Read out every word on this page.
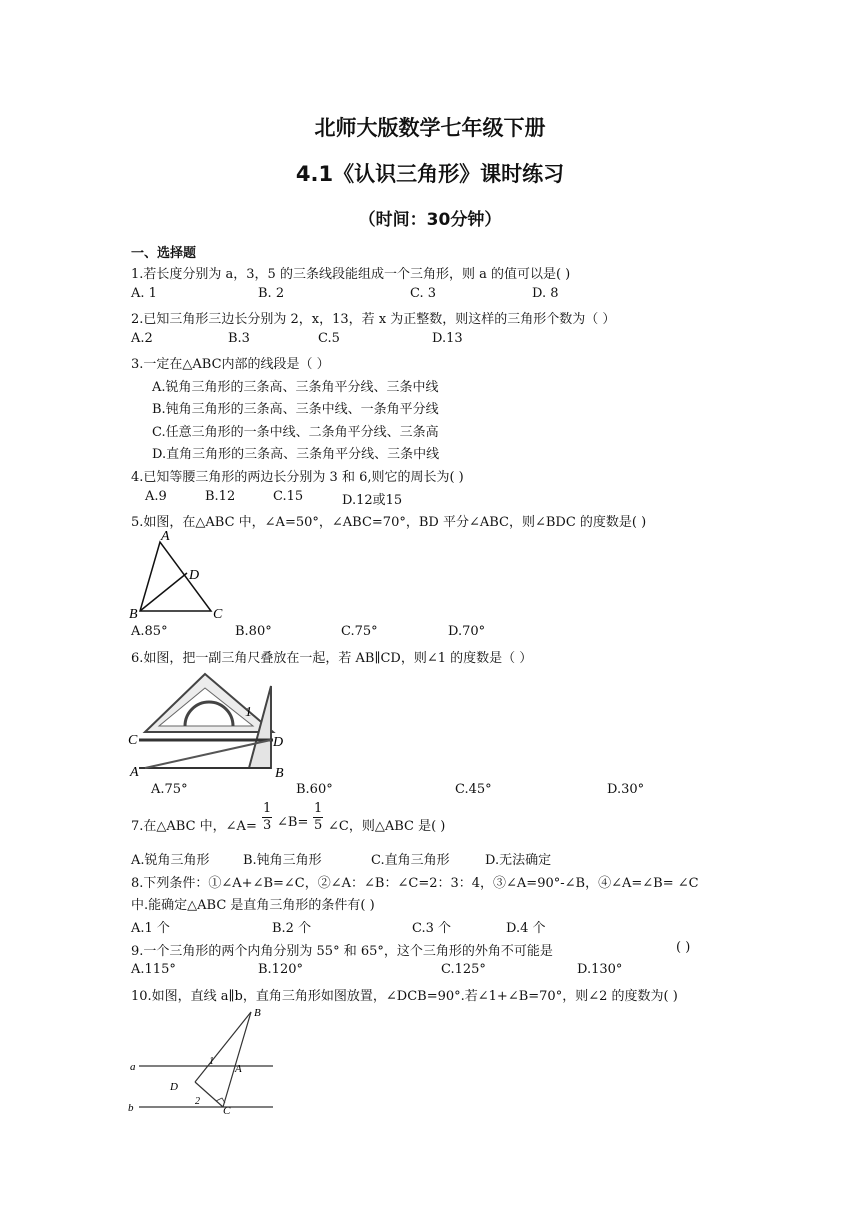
北师大版数学七年级下册
4.1《认识三角形》课时练习
（时间：30分钟）
一、选择题
1.若长度分别为 a，3，5 的三条线段能组成一个三角形，则 a 的值可以是( )
A. 1	B. 2	C. 3	D. 8
2.已知三角形三边长分别为 2，x，13，若 x 为正整数，则这样的三角形个数为（ ）
A.2	B.3	C.5	D.13
3.一定在△ABC内部的线段是（ ）
A.锐角三角形的三条高、三条角平分线、三条中线
B.钝角三角形的三条高、三条中线、一条角平分线
C.任意三角形的一条中线、二条角平分线、三条高
D.直角三角形的三条高、三条角平分线、三条中线
4.已知等腰三角形的两边长分别为 3 和 6,则它的周长为( )
A.9	B.12	C.15	D.12或15
5.如图，在△ABC 中，∠A=50°，∠ABC=70°，BD 平分∠ABC，则∠BDC 的度数是( )
A
D
B	C
A.85°	B.80°	C.75°	D.70°
6.如图，把一副三角尺叠放在一起，若 AB∥CD，则∠1 的度数是（ ）
1
C	D
A	B
A.75°	B.60°	C.45°	D.30°
7.在△ABC 中，∠A= $\frac{1}{3}$ ∠B= $\frac{1}{5}$ ∠C，则△ABC 是( )
A.锐角三角形	B.钝角三角形	C.直角三角形	D.无法确定
8.下列条件：①∠A+∠B=∠C，②∠A：∠B：∠C=2：3：4，③∠A=90°-∠B，④∠A=∠B= ∠C
中.能确定△ABC 是直角三角形的条件有( )
A.1 个	B.2 个	C.3 个	D.4 个
9.一个三角形的两个内角分别为 55° 和 65°，这个三角形的外角不可能是	( )
A.115°	B.120°	C.125°	D.130°
10.如图，直线 a∥b，直角三角形如图放置，∠DCB=90°.若∠1+∠B=70°，则∠2 的度数为( )
B
A
1
D
2
C
a
b
